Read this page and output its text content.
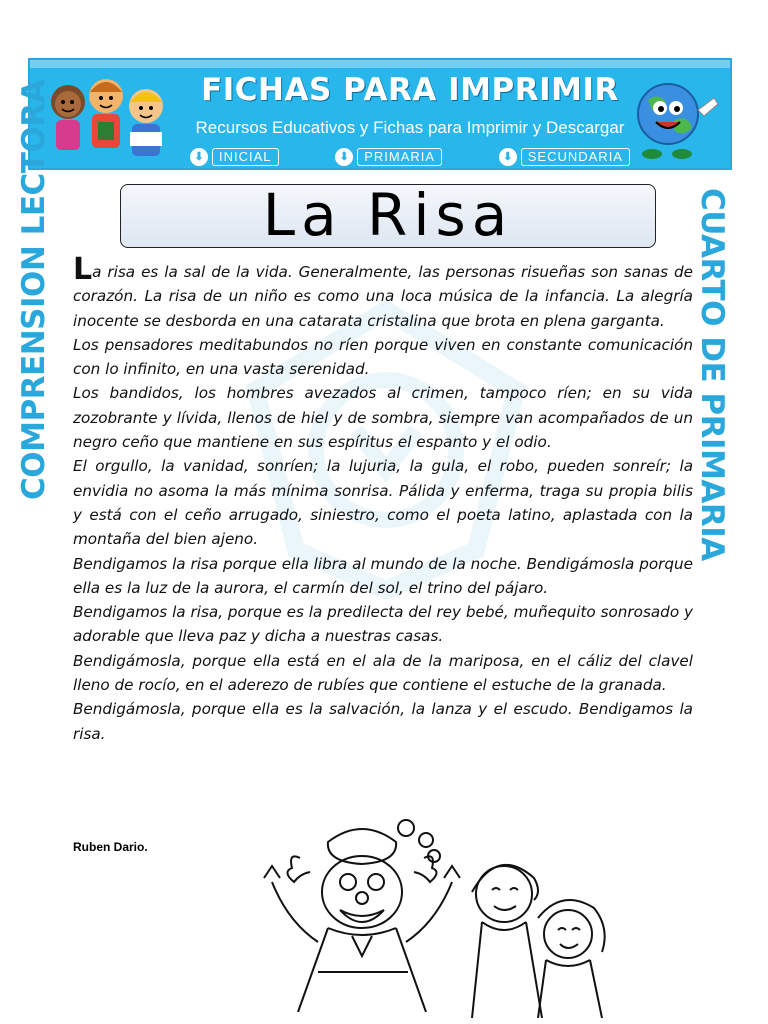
FICHAS PARA IMPRIMIR
Recursos Educativos y Fichas para Imprimir y Descargar
⬇	INICIAL	⬇	PRIMARIA	⬇	SECUNDARIA
COMPRENSION LECTORA	CUARTO DE PRIMARIA
La Risa

La risa es la sal de la vida. Generalmente, las personas risueñas son sanas de corazón. La risa de un niño es como una loca música de la infancia. La alegría inocente se desborda en una catarata cristalina que brota en plena garganta.

Los pensadores meditabundos no ríen porque viven en constante comunicación con lo infinito, en una vasta serenidad.

Los bandidos, los hombres avezados al crimen, tampoco ríen; en su vida zozobrante y lívida, llenos de hiel y de sombra, siempre van acompañados de un negro ceño que mantiene en sus espíritus el espanto y el odio.

El orgullo, la vanidad, sonríen; la lujuria, la gula, el robo, pueden sonreír; la envidia no asoma la más mínima sonrisa. Pálida y enferma, traga su propia bilis y está con el ceño arrugado, siniestro, como el poeta latino, aplastada con la montaña del bien ajeno.

Bendigamos la risa porque ella libra al mundo de la noche. Bendigámosla porque ella es la luz de la aurora, el carmín del sol, el trino del pájaro.

Bendigamos la risa, porque es la predilecta del rey bebé, muñequito sonrosado y adorable que lleva paz y dicha a nuestras casas.

Bendigámosla, porque ella está en el ala de la mariposa, en el cáliz del clavel lleno de rocío, en el aderezo de rubíes que contiene el estuche de la granada.

Bendigámosla, porque ella es la salvación, la lanza y el escudo. Bendigamos la risa.

Ruben Dario.
